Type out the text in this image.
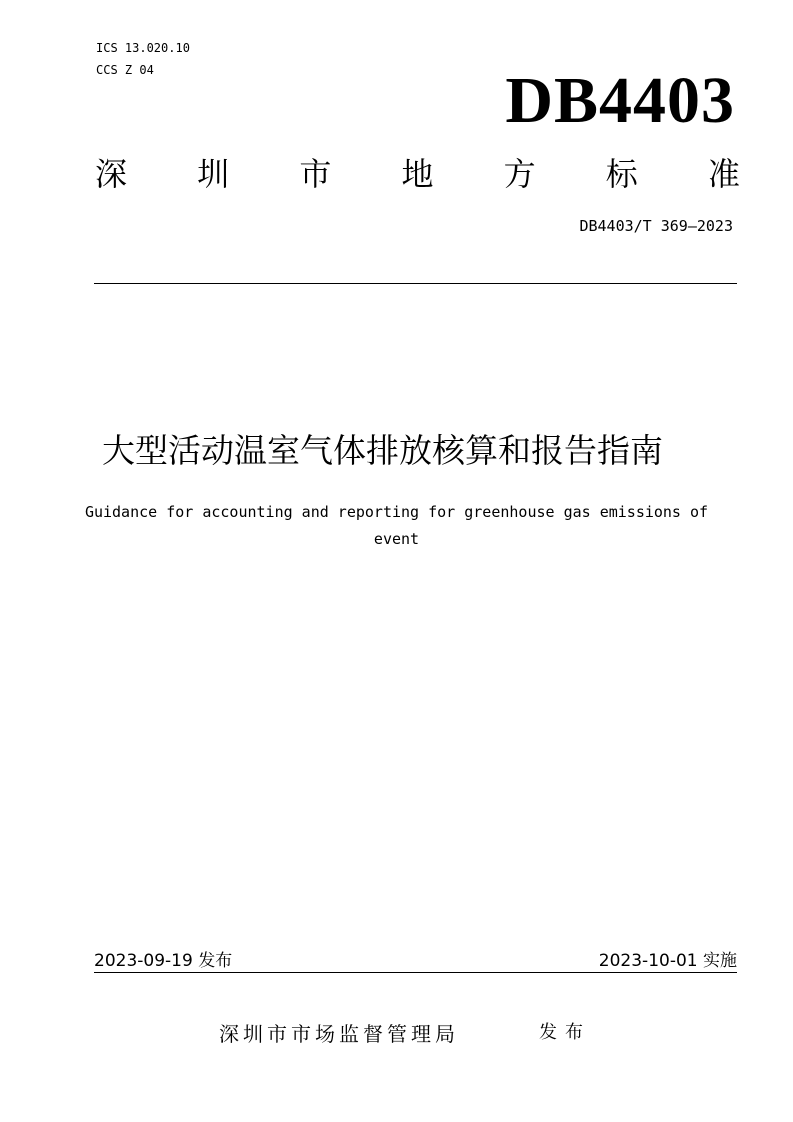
ICS 13.020.10
CCS Z 04	DB4403
深 圳 市 地 方 标 准
DB4403/T 369—2023
大型活动温室气体排放核算和报告指南
Guidance for accounting and reporting for greenhouse gas emissions of event
2023-09-19 发布	2023-10-01 实施
深圳市市场监督管理局	发布
